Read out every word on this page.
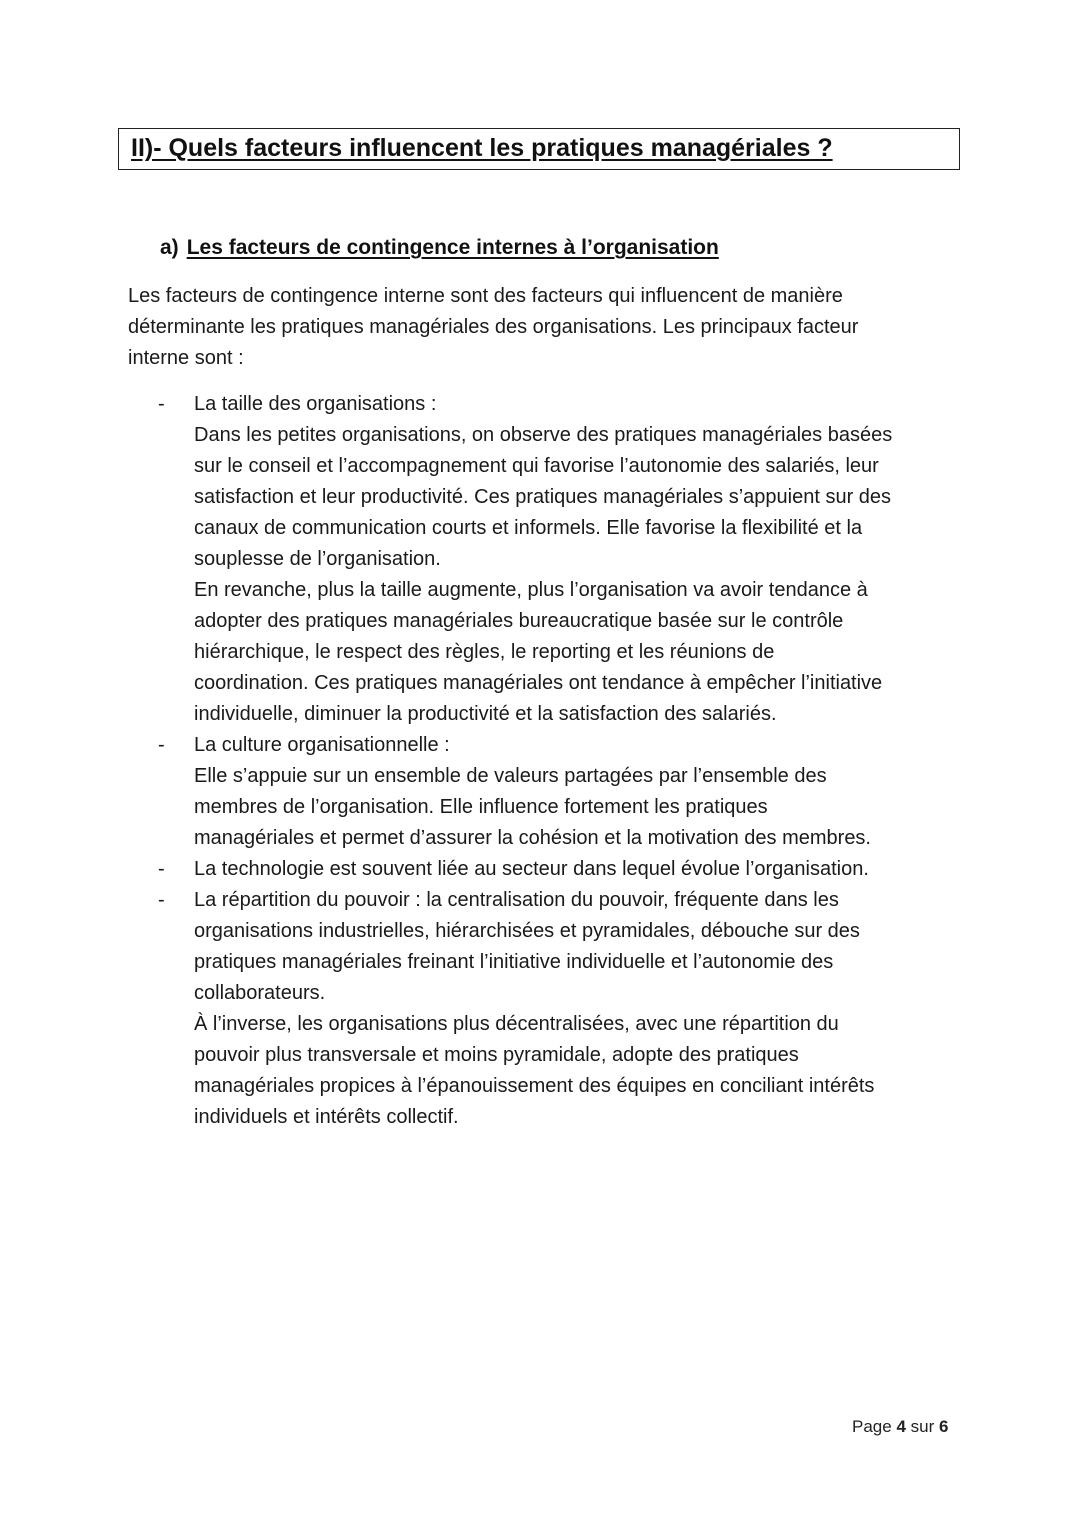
II)- Quels facteurs influencent les pratiques managériales ?
a) Les facteurs de contingence internes à l’organisation

Les facteurs de contingence interne sont des facteurs qui influencent de manière
déterminante les pratiques managériales des organisations. Les principaux facteur
interne sont :

- La taille des organisations :
Dans les petites organisations, on observe des pratiques managériales basées
sur le conseil et l’accompagnement qui favorise l’autonomie des salariés, leur
satisfaction et leur productivité. Ces pratiques managériales s’appuient sur des
canaux de communication courts et informels. Elle favorise la flexibilité et la
souplesse de l’organisation.
En revanche, plus la taille augmente, plus l’organisation va avoir tendance à
adopter des pratiques managériales bureaucratique basée sur le contrôle
hiérarchique, le respect des règles, le reporting et les réunions de
coordination. Ces pratiques managériales ont tendance à empêcher l’initiative
individuelle, diminuer la productivité et la satisfaction des salariés.
- La culture organisationnelle :
Elle s’appuie sur un ensemble de valeurs partagées par l’ensemble des
membres de l’organisation. Elle influence fortement les pratiques
managériales et permet d’assurer la cohésion et la motivation des membres.
- La technologie est souvent liée au secteur dans lequel évolue l’organisation.
- La répartition du pouvoir : la centralisation du pouvoir, fréquente dans les
organisations industrielles, hiérarchisées et pyramidales, débouche sur des
pratiques managériales freinant l’initiative individuelle et l’autonomie des
collaborateurs.
À l’inverse, les organisations plus décentralisées, avec une répartition du
pouvoir plus transversale et moins pyramidale, adopte des pratiques
managériales propices à l’épanouissement des équipes en conciliant intérêts
individuels et intérêts collectif.
Page 4 sur 6
